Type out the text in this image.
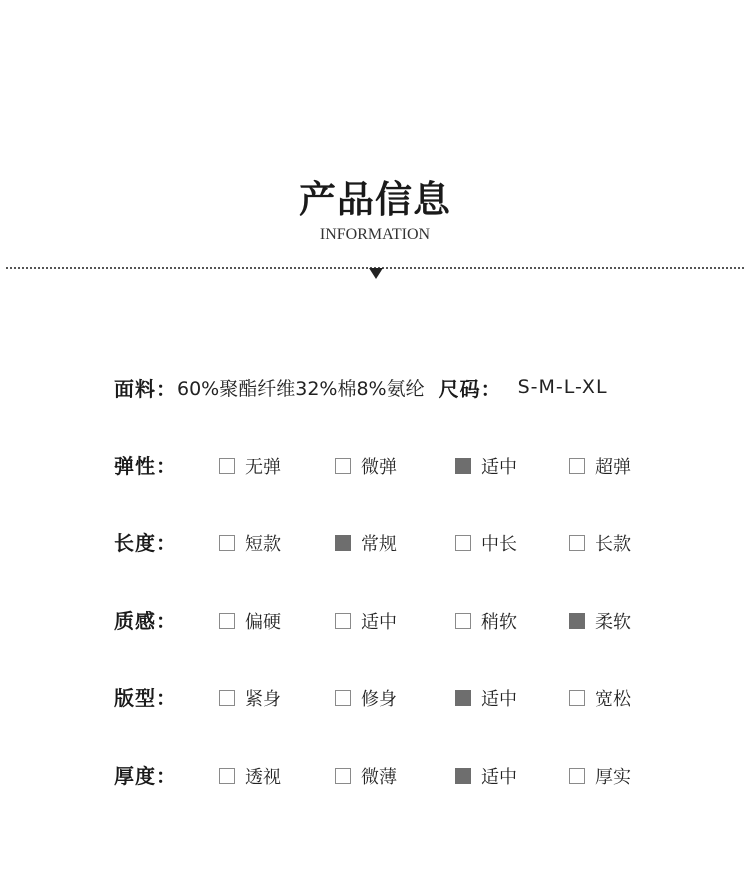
产品信息
INFORMATION
面料： 60%聚酯纤维32%棉8%氨纶 尺码： S-M-L-XL
弹性：	无弹	微弹	适中	超弹
长度：	短款	常规	中长	长款
质感：	偏硬	适中	稍软	柔软
版型：	紧身	修身	适中	宽松
厚度：	透视	微薄	适中	厚实
